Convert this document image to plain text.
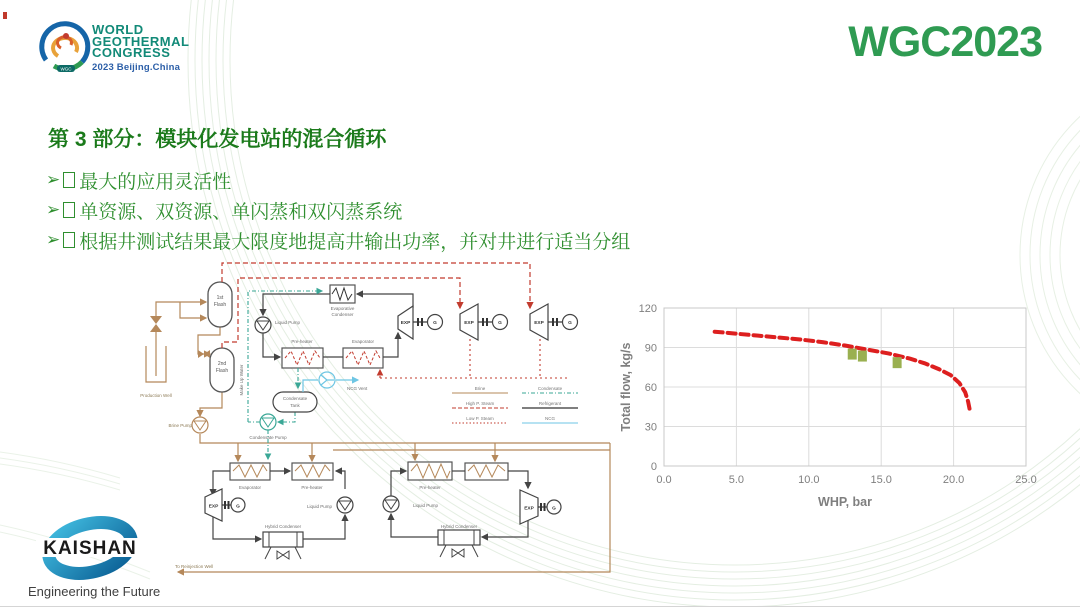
WGC
WORLD
GEOTHERMAL
CONGRESS
2023 Beijing.China
WGC2023
第 3 部分：模块化发电站的混合循环
➢ 最大的应用灵活性
➢ 单资源、双资源、单闪蒸和双闪蒸系统
➢ 根据井测试结果最大限度地提高井输出功率，并对井进行适当分组
1st
Flash
2nd
Flash
Production Well
Brine Pump
Liquid Pump
Evaporative
Condenser
Pre-heater	Evaporator
Condensate
Tank
NCG Vent
Condensate Pump
Make Up Water
Evaporator	Pre-heater
Liquid Pump
Hybrid Condenser
Pre-heater
Liquid Pump
Hybrid Condenser
To Reinjection Well
EXP	EXP	EXP
EXP	EXP
G	G	G
G	G
Brine
High P. Steam
Low P. Steam
Condensate
Refrigerant
NCG
0.0	5.0	10.0	15.0	20.0	25.0
0
30
60
90
120
WHP, bar
Total flow, kg/s
KAISHAN
Engineering the Future
